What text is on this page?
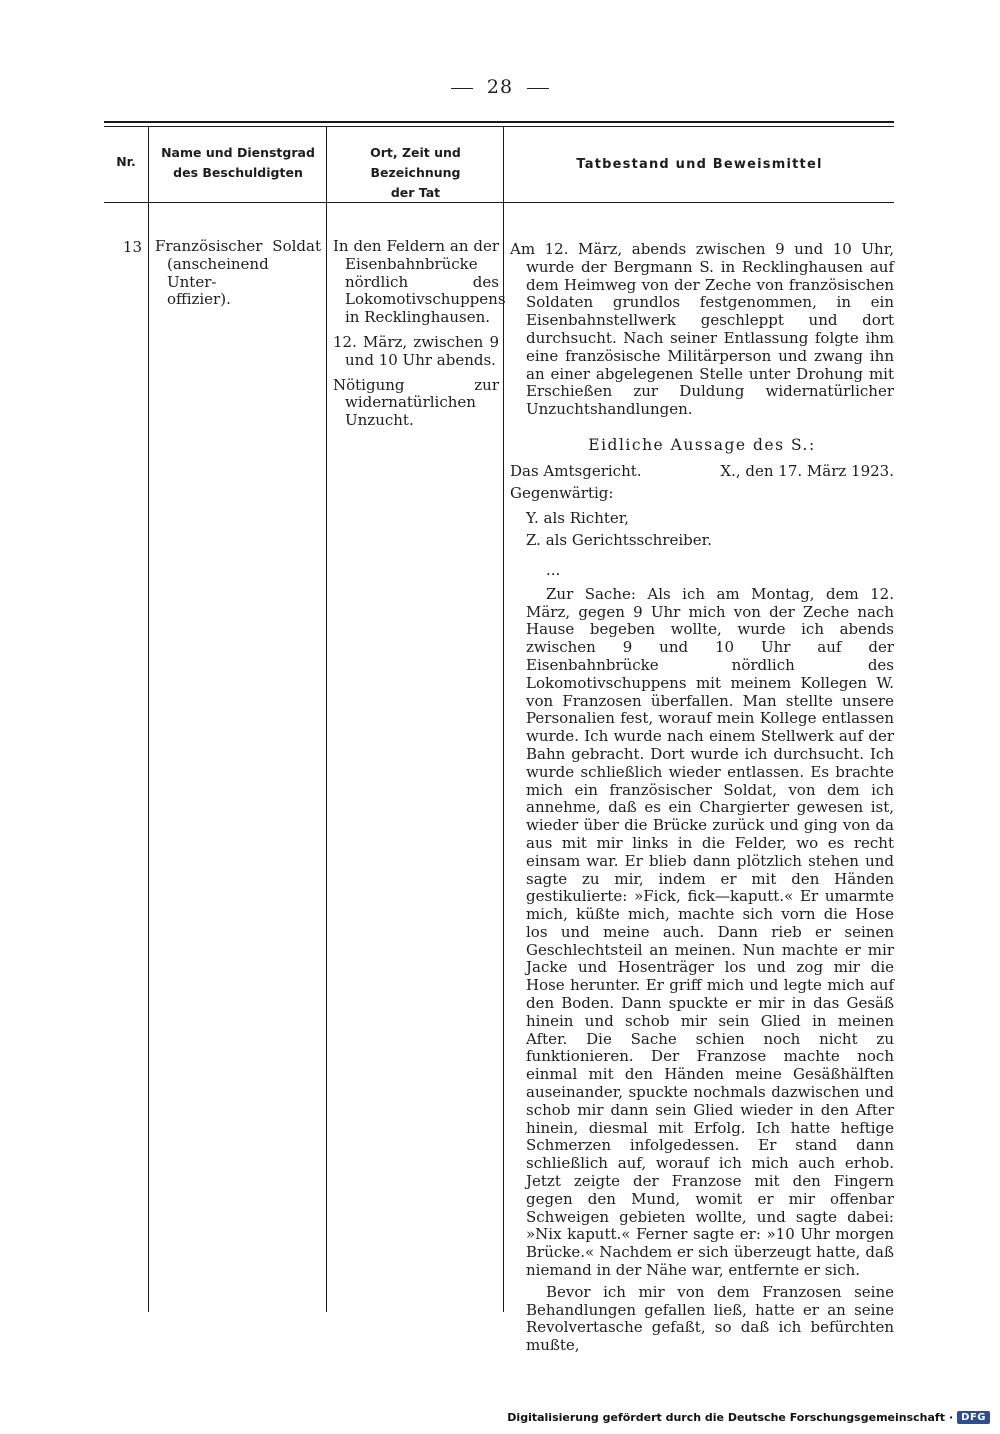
28
Nr.
Name und Dienstgrad
des Beschuldigten
Ort, Zeit und Bezeichnung
der Tat
Tatbestand und Beweismittel
13 Französischer Soldat
(anscheinend Unter-
offizier).

In den Feldern an der Eisenbahnbrücke nördlich des Lokomotivschuppens in Recklinghausen.

12. März, zwischen 9 und 10 Uhr abends.

Nötigung zur widernatürlichen Unzucht.

Am 12. März, abends zwischen 9 und 10 Uhr, wurde der Bergmann S. in Recklinghausen auf dem Heimweg von der Zeche von französischen Soldaten grundlos festgenommen, in ein Eisenbahnstellwerk geschleppt und dort durchsucht. Nach seiner Entlassung folgte ihm eine französische Militärperson und zwang ihn an einer abgelegenen Stelle unter Drohung mit Erschießen zur Duldung widernatürlicher Unzuchtshandlungen.

Eidliche Aussage des S.:

Das Amtsgericht.	X., den 17. März 1923.

Gegenwärtig:

Y. als Richter,

Z. als Gerichtsschreiber.

...

Zur Sache: Als ich am Montag, dem 12. März, gegen 9 Uhr mich von der Zeche nach Hause begeben wollte, wurde ich abends zwischen 9 und 10 Uhr auf der Eisenbahnbrücke nördlich des Lokomotivschuppens mit meinem Kollegen W. von Franzosen überfallen. Man stellte unsere Personalien fest, worauf mein Kollege entlassen wurde. Ich wurde nach einem Stellwerk auf der Bahn gebracht. Dort wurde ich durchsucht. Ich wurde schließlich wieder entlassen. Es brachte mich ein französischer Soldat, von dem ich annehme, daß es ein Chargierter gewesen ist, wieder über die Brücke zurück und ging von da aus mit mir links in die Felder, wo es recht einsam war. Er blieb dann plötzlich stehen und sagte zu mir, indem er mit den Händen gestikulierte: »Fick, fick—kaputt.« Er umarmte mich, küßte mich, machte sich vorn die Hose los und meine auch. Dann rieb er seinen Geschlechtsteil an meinen. Nun machte er mir Jacke und Hosenträger los und zog mir die Hose herunter. Er griff mich und legte mich auf den Boden. Dann spuckte er mir in das Gesäß hinein und schob mir sein Glied in meinen After. Die Sache schien noch nicht zu funktionieren. Der Franzose machte noch einmal mit den Händen meine Gesäßhälften auseinander, spuckte nochmals dazwischen und schob mir dann sein Glied wieder in den After hinein, diesmal mit Erfolg. Ich hatte heftige Schmerzen infolgedessen. Er stand dann schließlich auf, worauf ich mich auch erhob. Jetzt zeigte der Franzose mit den Fingern gegen den Mund, womit er mir offenbar Schweigen gebieten wollte, und sagte dabei: »Nix kaputt.« Ferner sagte er: »10 Uhr morgen Brücke.« Nachdem er sich überzeugt hatte, daß niemand in der Nähe war, entfernte er sich.

Bevor ich mir von dem Franzosen seine Behandlungen gefallen ließ, hatte er an seine Revolvertasche gefaßt, so daß ich befürchten mußte,

Digitalisierung gefördert durch die Deutsche Forschungsgemeinschaft · DFG
